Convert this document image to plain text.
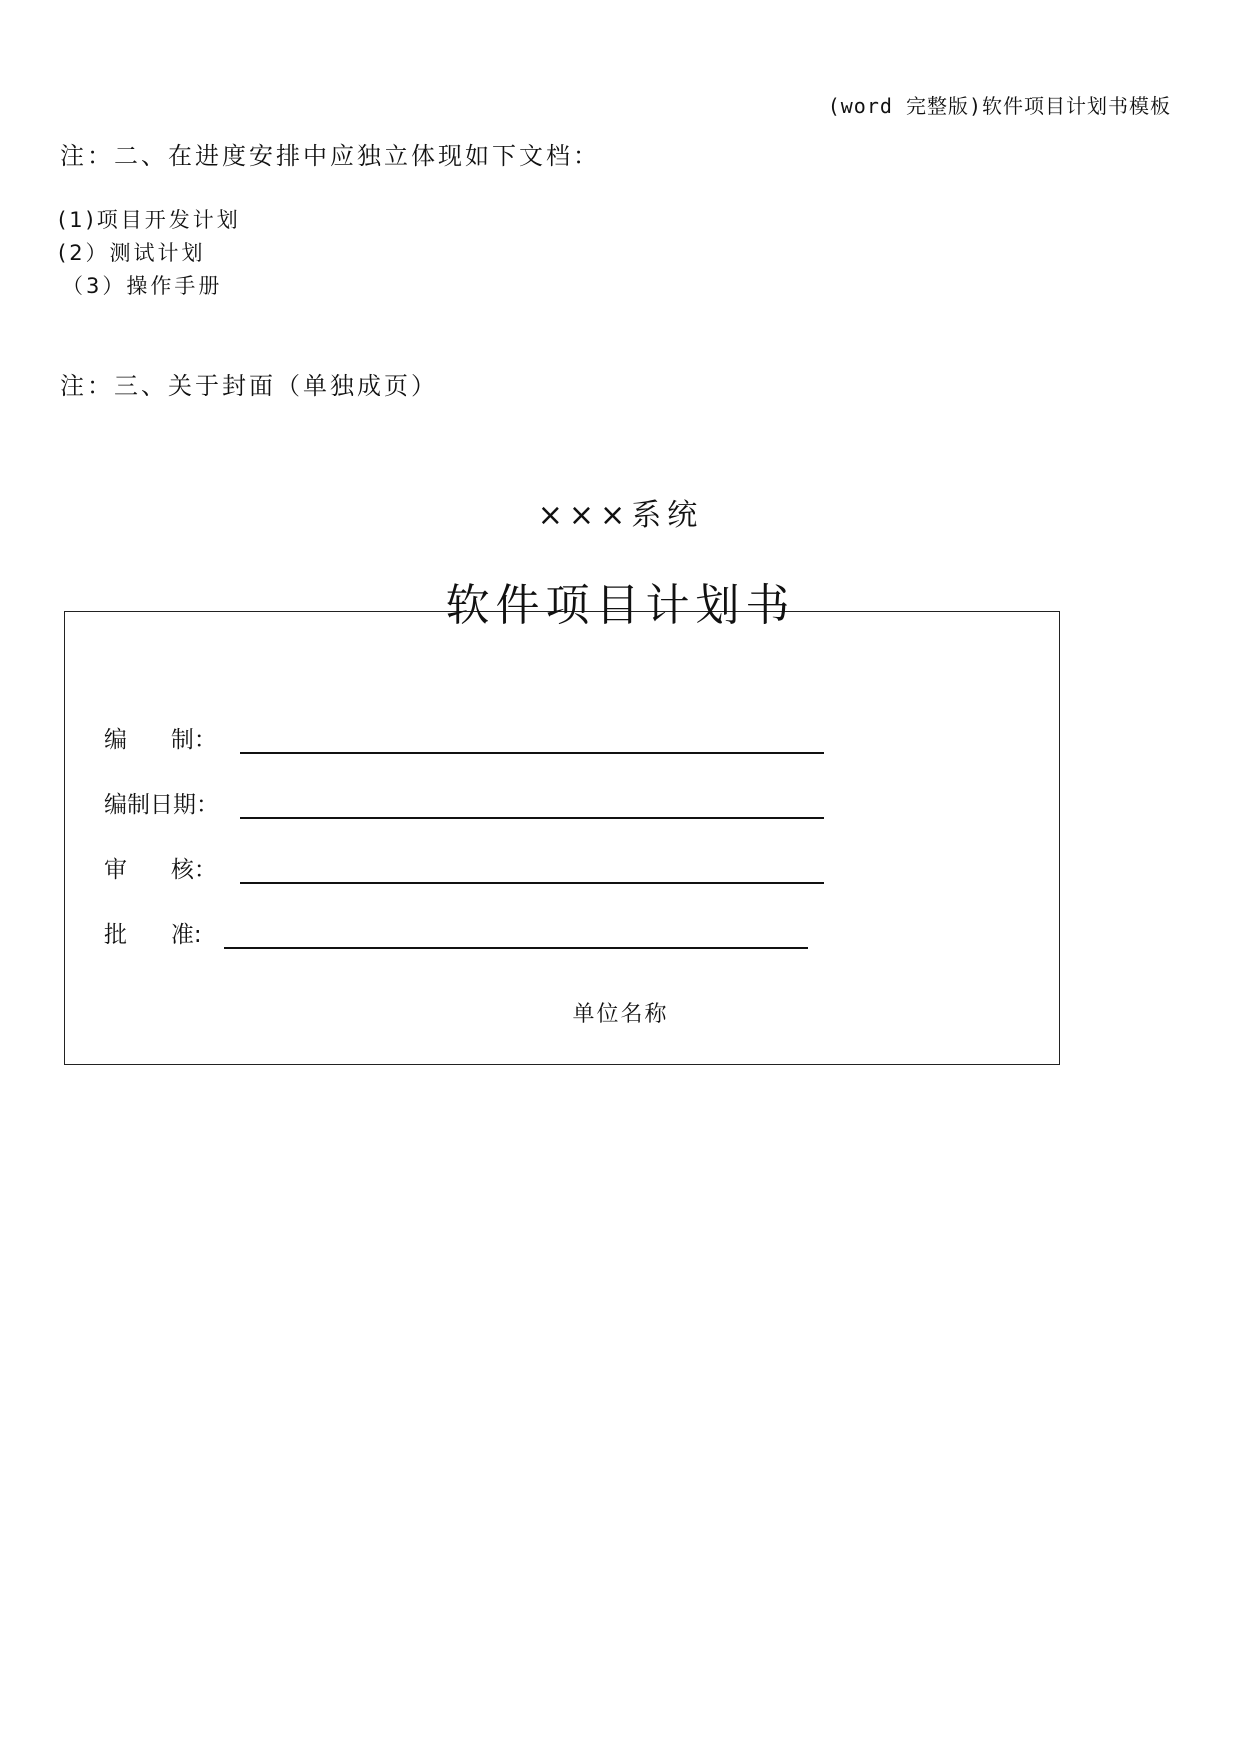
(word 完整版)软件项目计划书模板
注：二、在进度安排中应独立体现如下文档：
(1)项目开发计划
(2）测试计划
（3）操作手册
注：三、关于封面（单独成页）
×××系统
软件项目计划书
编      制：
编制日期：
审      核：
批      准:
单位名称
